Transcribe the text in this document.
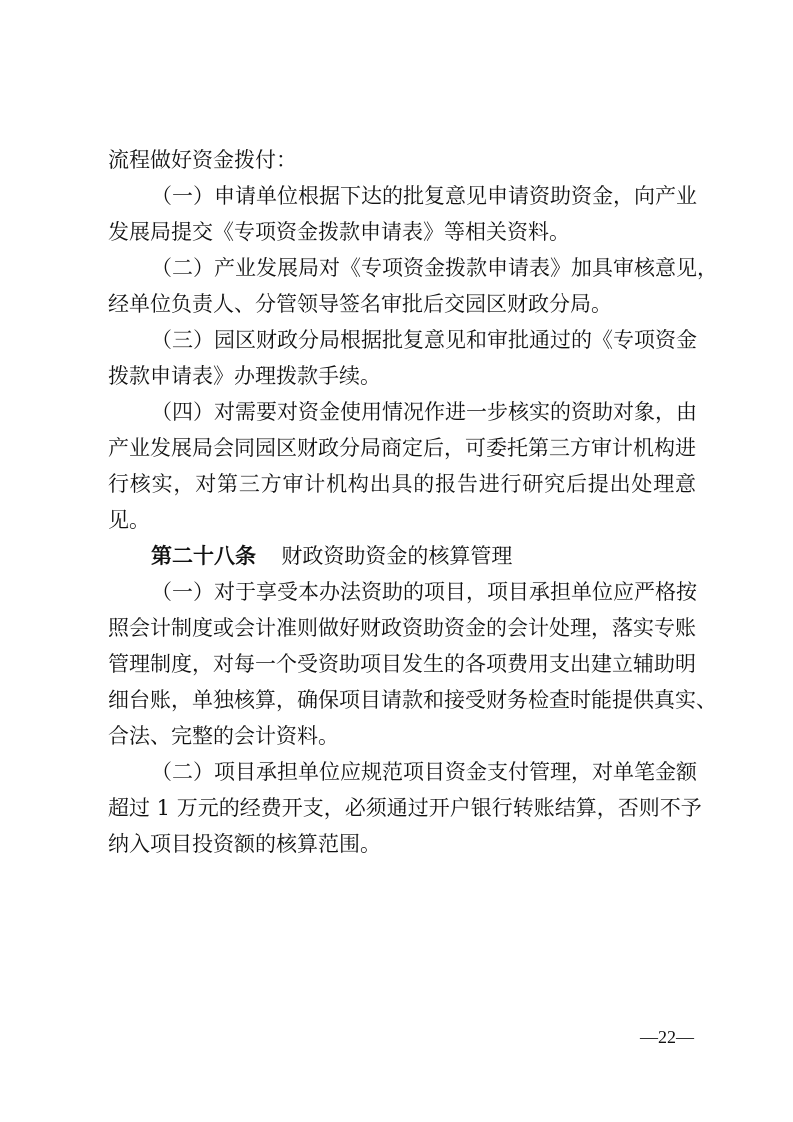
流程做好资金拨付：
（一）申请单位根据下达的批复意见申请资助资金，向产业
发展局提交《专项资金拨款申请表》等相关资料。
（二）产业发展局对《专项资金拨款申请表》加具审核意见，
经单位负责人、分管领导签名审批后交园区财政分局。
（三）园区财政分局根据批复意见和审批通过的《专项资金
拨款申请表》办理拨款手续。
（四）对需要对资金使用情况作进一步核实的资助对象，由
产业发展局会同园区财政分局商定后，可委托第三方审计机构进
行核实，对第三方审计机构出具的报告进行研究后提出处理意
见。
第二十八条 财政资助资金的核算管理
（一）对于享受本办法资助的项目，项目承担单位应严格按
照会计制度或会计准则做好财政资助资金的会计处理，落实专账
管理制度，对每一个受资助项目发生的各项费用支出建立辅助明
细台账，单独核算，确保项目请款和接受财务检查时能提供真实、
合法、完整的会计资料。
（二）项目承担单位应规范项目资金支付管理，对单笔金额
超过 1 万元的经费开支，必须通过开户银行转账结算，否则不予
纳入项目投资额的核算范围。
—22—
